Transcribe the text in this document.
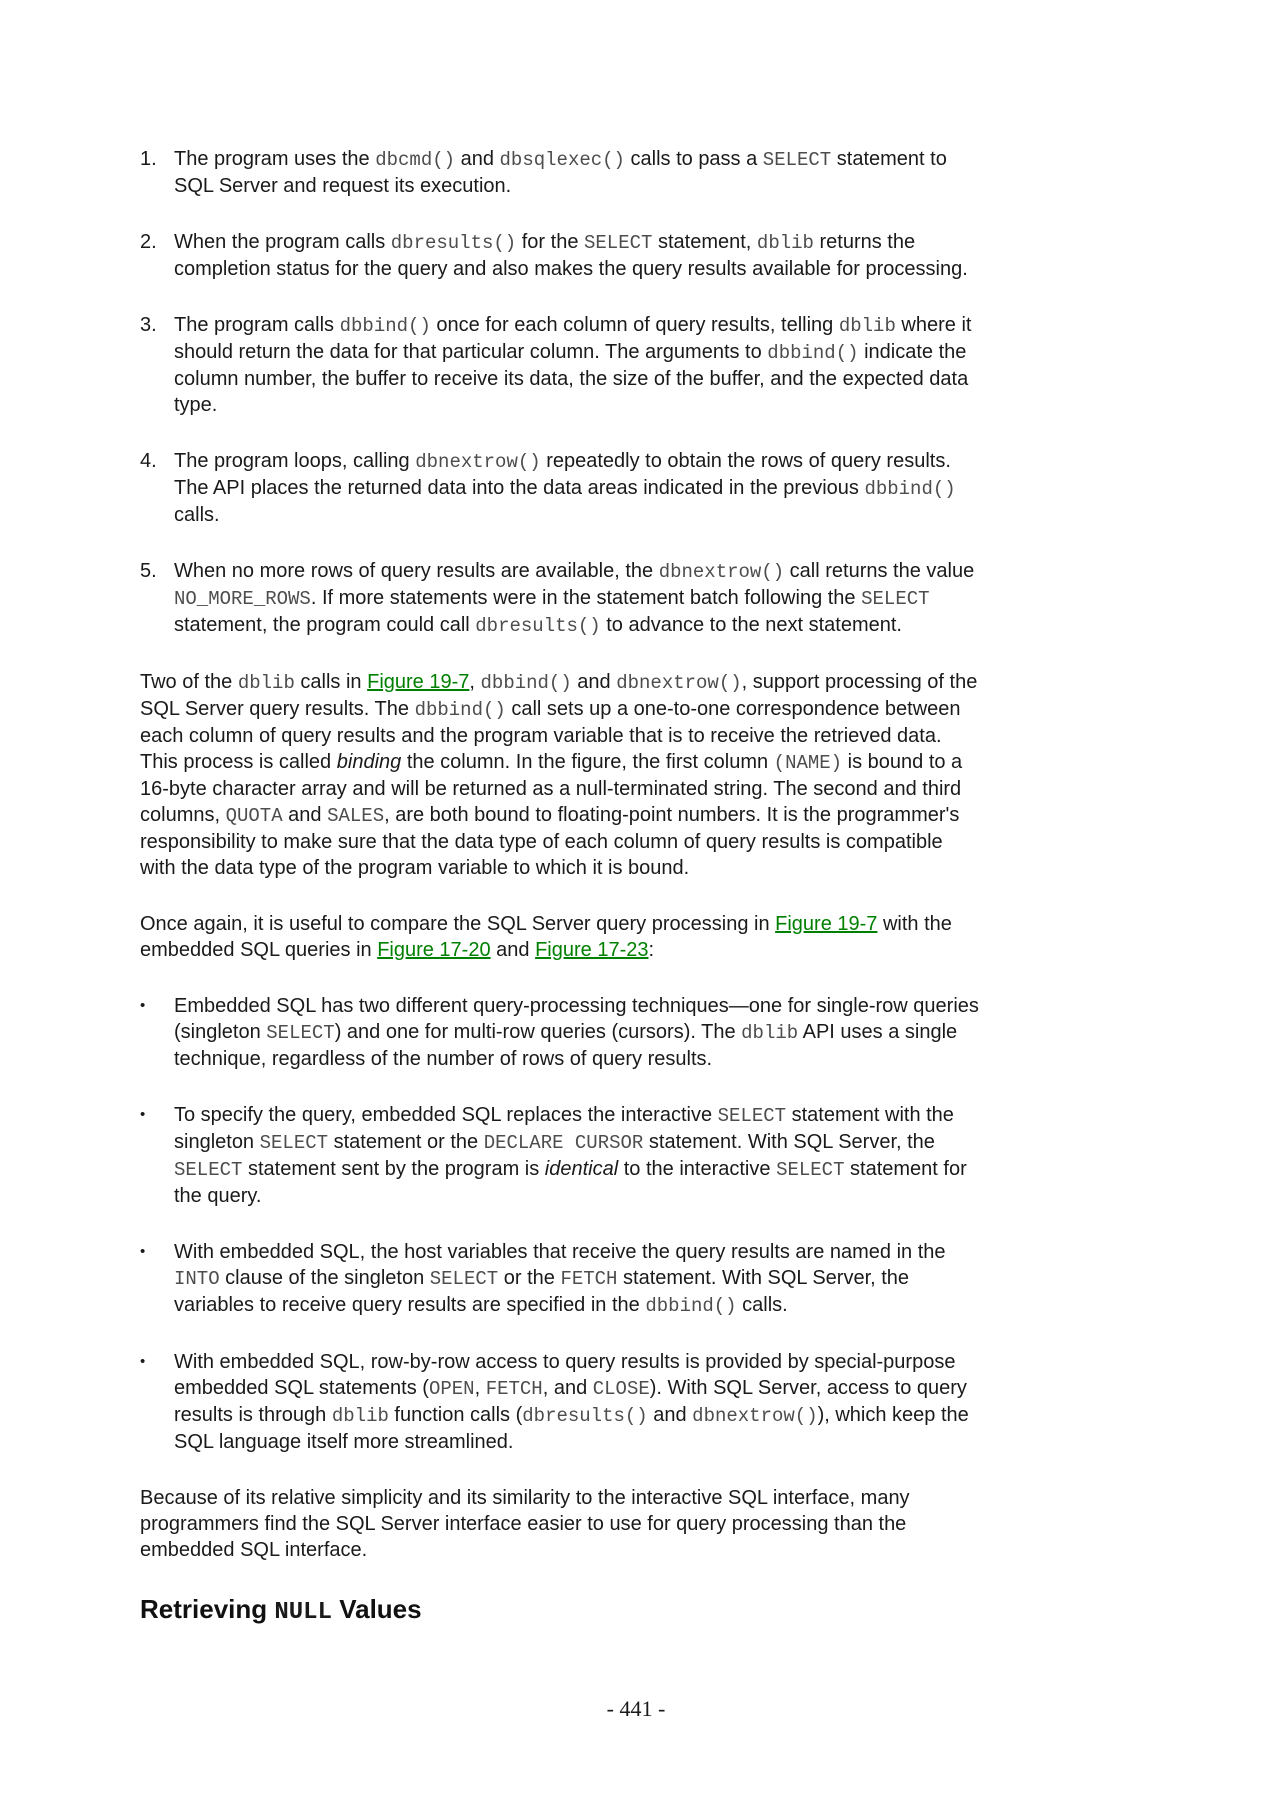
1. The program uses the dbcmd() and dbsqlexec() calls to pass a SELECT statement to SQL Server and request its execution.
2. When the program calls dbresults() for the SELECT statement, dblib returns the completion status for the query and also makes the query results available for processing.
3. The program calls dbbind() once for each column of query results, telling dblib where it should return the data for that particular column. The arguments to dbbind() indicate the column number, the buffer to receive its data, the size of the buffer, and the expected data type.
4. The program loops, calling dbnextrow() repeatedly to obtain the rows of query results. The API places the returned data into the data areas indicated in the previous dbbind() calls.
5. When no more rows of query results are available, the dbnextrow() call returns the value NO_MORE_ROWS. If more statements were in the statement batch following the SELECT statement, the program could call dbresults() to advance to the next statement.
Two of the dblib calls in Figure 19-7, dbbind() and dbnextrow(), support processing of the SQL Server query results. The dbbind() call sets up a one-to-one correspondence between each column of query results and the program variable that is to receive the retrieved data. This process is called binding the column. In the figure, the first column (NAME) is bound to a 16-byte character array and will be returned as a null-terminated string. The second and third columns, QUOTA and SALES, are both bound to floating-point numbers. It is the programmer's responsibility to make sure that the data type of each column of query results is compatible with the data type of the program variable to which it is bound.
Once again, it is useful to compare the SQL Server query processing in Figure 19-7 with the embedded SQL queries in Figure 17-20 and Figure 17-23:
•	Embedded SQL has two different query-processing techniques—one for single-row queries (singleton SELECT) and one for multi-row queries (cursors). The dblib API uses a single technique, regardless of the number of rows of query results.
•	To specify the query, embedded SQL replaces the interactive SELECT statement with the singleton SELECT statement or the DECLARE CURSOR statement. With SQL Server, the SELECT statement sent by the program is identical to the interactive SELECT statement for the query.
•	With embedded SQL, the host variables that receive the query results are named in the INTO clause of the singleton SELECT or the FETCH statement. With SQL Server, the variables to receive query results are specified in the dbbind() calls.
•	With embedded SQL, row-by-row access to query results is provided by special-purpose embedded SQL statements (OPEN, FETCH, and CLOSE). With SQL Server, access to query results is through dblib function calls (dbresults() and dbnextrow()), which keep the SQL language itself more streamlined.
Because of its relative simplicity and its similarity to the interactive SQL interface, many programmers find the SQL Server interface easier to use for query processing than the embedded SQL interface.
Retrieving NULL Values
- 441 -
